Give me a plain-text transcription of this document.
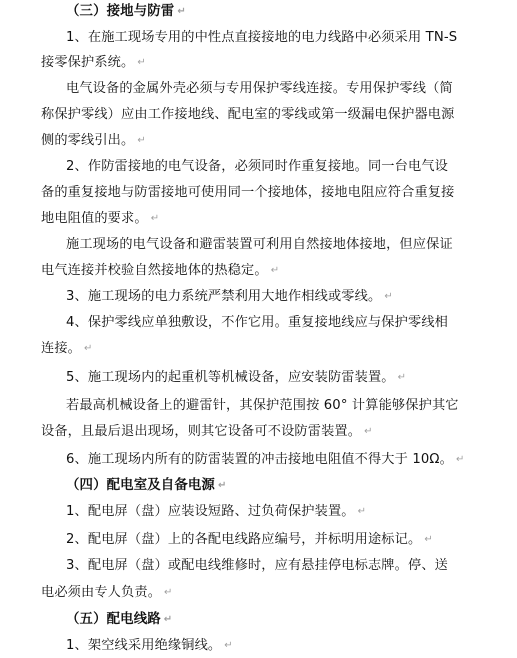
（三）接地与防雷 ↵
1、在施工现场专用的中性点直接接地的电力线路中必须采用 TN-S
接零保护系统。 ↵
电气设备的金属外壳必须与专用保护零线连接。专用保护零线（简
称保护零线）应由工作接地线、配电室的零线或第一级漏电保护器电源
侧的零线引出。 ↵
2、作防雷接地的电气设备，必须同时作重复接地。同一台电气设
备的重复接地与防雷接地可使用同一个接地体，接地电阻应符合重复接
地电阻值的要求。 ↵
施工现场的电气设备和避雷装置可利用自然接地体接地，但应保证
电气连接并校验自然接地体的热稳定。 ↵
3、施工现场的电力系统严禁利用大地作相线或零线。 ↵
4、保护零线应单独敷设，不作它用。重复接地线应与保护零线相
连接。 ↵
5、施工现场内的起重机等机械设备，应安装防雷装置。 ↵
若最高机械设备上的避雷针，其保护范围按 60° 计算能够保护其它
设备，且最后退出现场，则其它设备可不设防雷装置。 ↵
6、施工现场内所有的防雷装置的冲击接地电阻值不得大于 10Ω。 ↵
（四）配电室及自备电源 ↵
1、配电屏（盘）应装设短路、过负荷保护装置。 ↵
2、配电屏（盘）上的各配电线路应编号，并标明用途标记。 ↵
3、配电屏（盘）或配电线维修时，应有悬挂停电标志牌。停、送
电必须由专人负责。 ↵
（五）配电线路 ↵
1、架空线采用绝缘铜线。 ↵
